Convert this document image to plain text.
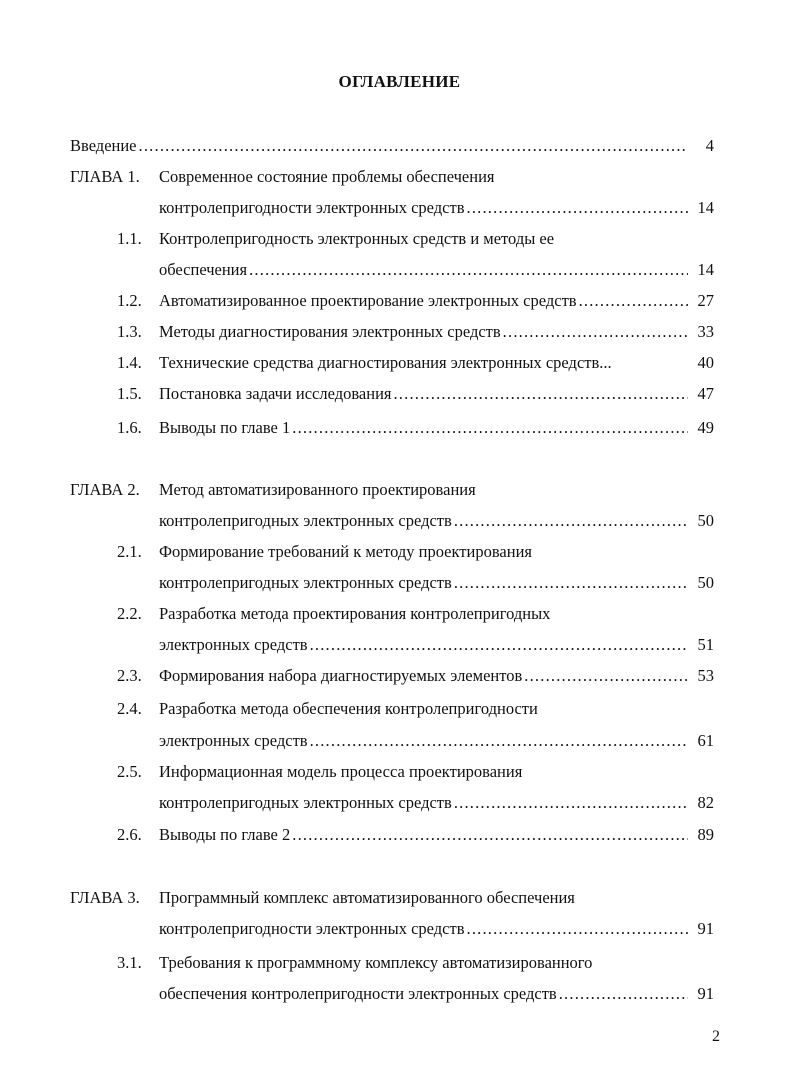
ОГЛАВЛЕНИЕ
Введение .....	4
ГЛАВА 1.	Современное состояние проблемы обеспечения
контролепригодности электронных средств .....	14
1.1.	Контролепригодность электронных средств и методы ее
обеспечения .....	14
1.2.	Автоматизированное проектирование электронных средств .....	27
1.3.	Методы диагностирования электронных средств .....	33
1.4.	Технические средства диагностирования электронных средств...	40
1.5.	Постановка задачи исследования .....	47
1.6.	Выводы по главе 1 .....	49
ГЛАВА 2.	Метод автоматизированного проектирования
контролепригодных электронных средств .....	50
2.1.	Формирование требований к методу проектирования
контролепригодных электронных средств .....	50
2.2.	Разработка метода проектирования контролепригодных
электронных средств .....	51
2.3.	Формирования набора диагностируемых элементов .....	53
2.4.	Разработка метода обеспечения контролепригодности
электронных средств .....	61
2.5.	Информационная модель процесса проектирования
контролепригодных электронных средств .....	82
2.6.	Выводы по главе 2 .....	89
ГЛАВА 3.	Программный комплекс автоматизированного обеспечения
контролепригодности электронных средств .....	91
3.1.	Требования к программному комплексу автоматизированного
обеспечения контролепригодности электронных средств .....	91
2
